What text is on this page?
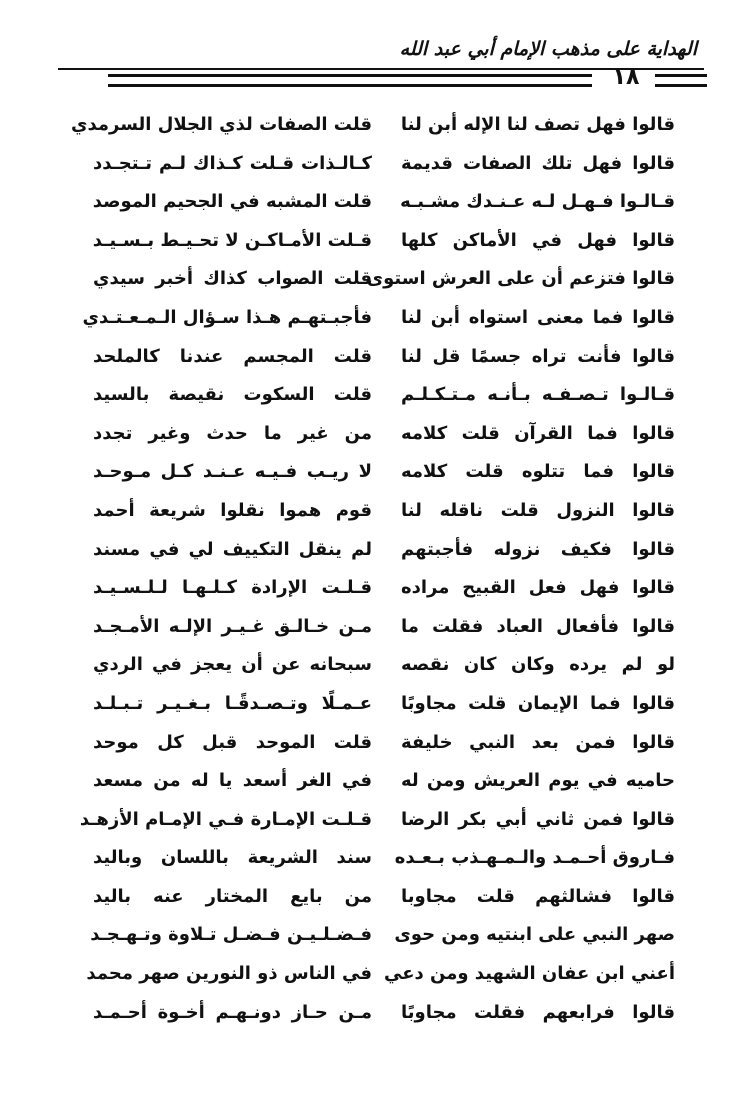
الهداية على مذهب الإمام أبي عبد الله
١٨
قالوا فهل تصف لنا الإله أبن لنا
قلت الصفات لذي الجلال السرمدي
قالوا فهل تلك الصفات قديمة
كـالـذات قـلت كـذاك لـم تـتجـدد
قـالـوا فـهـل لـه عـنـدك مشـبـه
قلت المشبه في الجحيم الموصد
قالوا فهل في الأماكن كلها
قـلت الأمـاكـن لا تحـيـط بـسـيـد
قالوا فتزعم أن على العرش استوى
قلت الصواب كذاك أخبر سيدي
قالوا فما معنى استواه أبن لنا
فأجبـتهـم هـذا سـؤال الـمـعـتـدي
قالوا فأنت تراه جسمًا قل لنا
قلت المجسم عندنا كالملحد
قـالـوا تـصـفـه بـأنـه مـتـكـلـم
قلت السكوت نقيصة بالسيد
قالوا فما القرآن قلت كلامه
من غير ما حدث وغير تجدد
قالوا فما تتلوه قلت كلامه
لا ريـب فـيـه عـنـد كـل مـوحـد
قالوا النزول قلت ناقله لنا
قوم هموا نقلوا شريعة أحمد
قالوا فكيف نزوله فأجبتهم
لم ينقل التكييف لي في مسند
قالوا فهل فعل القبيح مراده
قـلـت الإرادة كـلـهـا لـلـسـيـد
قالوا فأفعال العباد فقلت ما
مـن خـالـق غـيـر الإلـه الأمـجـد
لو لم يرده وكان كان نقصه
سبحانه عن أن يعجز في الردي
قالوا فما الإيمان قلت مجاوبًا
عـمـلًا وتـصـدقًـا بـغـيـر تـبـلـد
قالوا فمن بعد النبي خليفة
قلت الموحد قبل كل موحد
حاميه في يوم العريش ومن له
في الغر أسعد يا له من مسعد
قالوا فمن ثاني أبي بكر الرضا
قـلـت الإمـارة فـي الإمـام الأزهـد
فـاروق أحـمـد والـمـهـذب بـعـده
سند الشريعة باللسان وباليد
قالوا فشالثهم قلت مجاوبا
من بايع المختار عنه باليد
صهر النبي على ابنتيه ومن حوى
فـضـلـيـن فـضـل تـلاوة وتـهـجـد
أعني ابن عفان الشهيد ومن دعي
في الناس ذو النورين صهر محمد
قالوا فرابعهم فقلت مجاوبًا
مـن حـاز دونـهـم أخـوة أحـمـد
